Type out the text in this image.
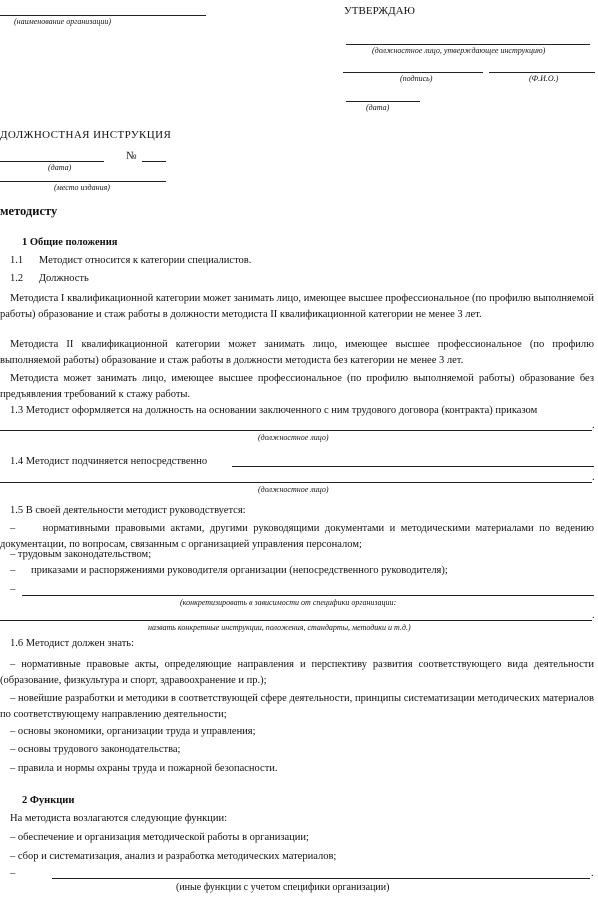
(наименование организации)
УТВЕРЖДАЮ
(должностное лицо, утверждающее инструкцию)
(подпись)	(Ф.И.О.)
(дата)
ДОЛЖНОСТНАЯ ИНСТРУКЦИЯ
№
(дата)
(место издания)
методисту
1 Общие положения
1.1      Методист относится к категории специалистов.
1.2      Должность
Методиста I квалификационной категории может занимать лицо, имеющее высшее профессиональное (по профилю выполняемой работы) образование и стаж работы в должности методиста II квалификационной категории не менее 3 лет.
Методиста II квалификационной категории может занимать лицо, имеющее высшее профессиональное (по профилю выполняемой работы) образование и стаж работы в должности методиста без категории не менее 3 лет.
Методиста может занимать лицо, имеющее высшее профессиональное (по профилю выполняемой работы) образование без предъявления требований к стажу работы.
1.3 Методист оформляется на должность на основании заключенного с ним трудового договора (контракта) приказом
.
(должностное лицо)
1.4 Методист подчиняется непосредственно
.
(должностное лицо)
1.5 В своей деятельности методист руководствуется:
–     нормативными правовыми актами, другими руководящими документами и методическими материалами по ведению документации, по вопросам, связанным с организацией управления персоналом;
– трудовым законодательством;
–      приказами и распоряжениями руководителя организации (непосредственного руководителя);
–
(конкретизировать в зависимости от специфики организации:
.
назвать конкретные инструкции, положения, стандарты, методики и т.д.)
1.6 Методист должен знать:
– нормативные правовые акты, определяющие направления и перспективу развития соответствующего вида деятельности (образование, физкультура и спорт, здравоохранение и пр.);
– новейшие разработки и методики в соответствующей сфере деятельности, принципы систематизации методических материалов по соответствующему направлению деятельности;
– основы экономики, организации труда и управления;
– основы трудового законодательства;
– правила и нормы охраны труда и пожарной безопасности.
2 Функции
На методиста возлагаются следующие функции:
– обеспечение и организация методической работы в организации;
– сбор и систематизация, анализ и разработка методических материалов;
–	.
(иные функции с учетом специфики организации)
